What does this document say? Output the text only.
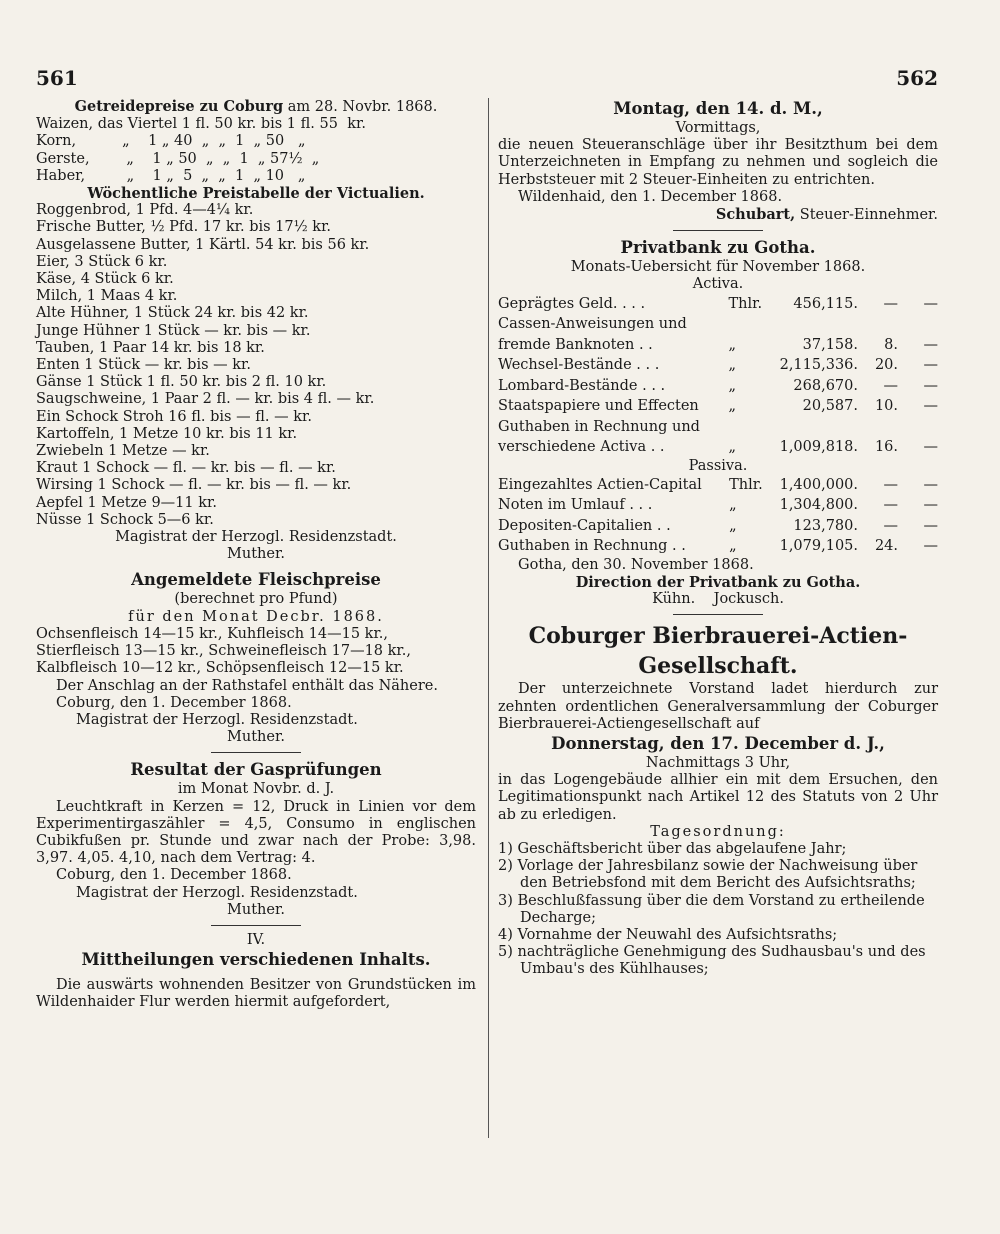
561	562
Getreidepreise zu Coburg am 28. Novbr. 1868.
Waizen, das Viertel 1 fl. 50 kr. bis 1 fl. 55  kr.
Korn,          „    1 „ 40  „  „  1  „ 50   „
Gerste,        „    1 „ 50  „  „  1  „ 57½  „
Haber,         „    1 „  5  „  „  1  „ 10   „
Wöchentliche Preistabelle der Victualien.
Roggenbrod, 1 Pfd. 4—4¼ kr.
Frische Butter, ½ Pfd. 17 kr. bis 17½ kr.
Ausgelassene Butter, 1 Kärtl. 54 kr. bis 56 kr.
Eier, 3 Stück 6 kr.
Käse, 4 Stück 6 kr.
Milch, 1 Maas 4 kr.
Alte Hühner, 1 Stück 24 kr. bis 42 kr.
Junge Hühner 1 Stück — kr. bis — kr.
Tauben, 1 Paar 14 kr. bis 18 kr.
Enten 1 Stück — kr. bis — kr.
Gänse 1 Stück 1 fl. 50 kr. bis 2 fl. 10 kr.
Saugschweine, 1 Paar 2 fl. — kr. bis 4 fl. — kr.
Ein Schock Stroh 16 fl. bis — fl. — kr.
Kartoffeln, 1 Metze 10 kr. bis 11 kr.
Zwiebeln 1 Metze — kr.
Kraut 1 Schock — fl. — kr. bis — fl. — kr.
Wirsing 1 Schock — fl. — kr. bis — fl. — kr.
Aepfel 1 Metze 9—11 kr.
Nüsse 1 Schock 5—6 kr.
Magistrat der Herzogl. Residenzstadt.
Muther.
Angemeldete Fleischpreise
(berechnet pro Pfund)
für den Monat Decbr. 1868.
Ochsenfleisch 14—15 kr., Kuhfleisch 14—15 kr.,
Stierfleisch 13—15 kr., Schweinefleisch 17—18 kr.,
Kalbfleisch 10—12 kr., Schöpsenfleisch 12—15 kr.
Der Anschlag an der Rathstafel enthält das Nähere.
Coburg, den 1. December 1868.
Magistrat der Herzogl. Residenzstadt.
Muther.
Resultat der Gasprüfungen
im Monat Novbr. d. J.
Leuchtkraft in Kerzen = 12, Druck in Linien vor dem Experimentirgaszähler = 4,5, Consumo in englischen Cubikfußen pr. Stunde und zwar nach der Probe: 3,98. 3,97. 4,05. 4,10, nach dem Vertrag: 4.
Coburg, den 1. December 1868.
Magistrat der Herzogl. Residenzstadt.
Muther.
IV.
Mittheilungen verschiedenen Inhalts.
Die auswärts wohnenden Besitzer von Grundstücken im Wildenhaider Flur werden hiermit aufgefordert,
Montag, den 14. d. M.,
Vormittags,
die neuen Steueranschläge über ihr Besitzthum bei dem Unterzeichneten in Empfang zu nehmen und sogleich die Herbststeuer mit 2 Steuer-Einheiten zu entrichten.
Wildenhaid, den 1. December 1868.
Schubart, Steuer-Einnehmer.
Privatbank zu Gotha.
Monats-Uebersicht für November 1868.
Activa.
Geprägtes Geld. . . .	Thlr.	456,115.	—	—
Cassen-Anweisungen und				
fremde Banknoten . .	„	37,158.	8.	—
Wechsel-Bestände . . .	„	2,115,336.	20.	—
Lombard-Bestände . . .	„	268,670.	—	—
Staatspapiere und Effecten	„	20,587.	10.	—
Guthaben in Rechnung und				
verschiedene Activa . .	„	1,009,818.	16.	—
Passiva.
Eingezahltes Actien-Capital	Thlr.	1,400,000.	—	—
Noten im Umlauf . . .	„	1,304,800.	—	—
Depositen-Capitalien . .	„	123,780.	—	—
Guthaben in Rechnung . .	„	1,079,105.	24.	—
Gotha, den 30. November 1868.
Direction der Privatbank zu Gotha.
Kühn.    Jockusch.
Coburger Bierbrauerei-Actien-
Gesellschaft.
Der unterzeichnete Vorstand ladet hierdurch zur zehnten ordentlichen Generalversammlung der Coburger Bierbrauerei-Actiengesellschaft auf
Donnerstag, den 17. December d. J.,
Nachmittags 3 Uhr,
in das Logengebäude allhier ein mit dem Ersuchen, den Legitimationspunkt nach Artikel 12 des Statuts von 2 Uhr ab zu erledigen.
Tagesordnung:
1) Geschäftsbericht über das abgelaufene Jahr;
2) Vorlage der Jahresbilanz sowie der Nachweisung über den Betriebsfond mit dem Bericht des Aufsichtsraths;
3) Beschlußfassung über die dem Vorstand zu ertheilende Decharge;
4) Vornahme der Neuwahl des Aufsichtsraths;
5) nachträgliche Genehmigung des Sudhausbau's und des Umbau's des Kühlhauses;
